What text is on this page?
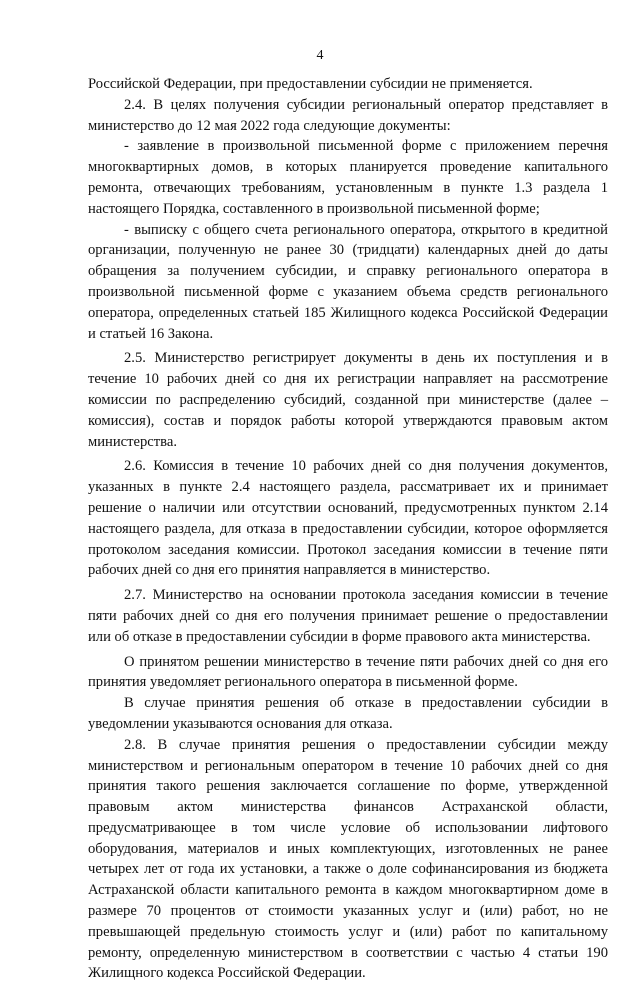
4

Российской Федерации, при предоставлении субсидии не применяется.

2.4. В целях получения субсидии региональный оператор представляет в министерство до 12 мая 2022 года следующие документы:

- заявление в произвольной письменной форме с приложением перечня многоквартирных домов, в которых планируется проведение капитального ремонта, отвечающих требованиям, установленным в пункте 1.3 раздела 1 настоящего Порядка, составленного в произвольной письменной форме;

- выписку с общего счета регионального оператора, открытого в кредитной организации, полученную не ранее 30 (тридцати) календарных дней до даты обращения за получением субсидии, и справку регионального оператора в произвольной письменной форме с указанием объема средств регионального оператора, определенных статьей 185 Жилищного кодекса Российской Федерации и статьей 16 Закона.

2.5. Министерство регистрирует документы в день их поступления и в течение 10 рабочих дней со дня их регистрации направляет на рассмотрение комиссии по распределению субсидий, созданной при министерстве (далее – комиссия), состав и порядок работы которой утверждаются правовым актом министерства.

2.6. Комиссия в течение 10 рабочих дней со дня получения документов, указанных в пункте 2.4 настоящего раздела, рассматривает их и принимает решение о наличии или отсутствии оснований, предусмотренных пунктом 2.14 настоящего раздела, для отказа в предоставлении субсидии, которое оформляется протоколом заседания комиссии. Протокол заседания комиссии в течение пяти рабочих дней со дня его принятия направляется в министерство.

2.7. Министерство на основании протокола заседания комиссии в течение пяти рабочих дней со дня его получения принимает решение о предоставлении или об отказе в предоставлении субсидии в форме правового акта министерства.

О принятом решении министерство в течение пяти рабочих дней со дня его принятия уведомляет регионального оператора в письменной форме.

В случае принятия решения об отказе в предоставлении субсидии в уведомлении указываются основания для отказа.

2.8. В случае принятия решения о предоставлении субсидии между министерством и региональным оператором в течение 10 рабочих дней со дня принятия такого решения заключается соглашение по форме, утвержденной правовым актом министерства финансов Астраханской области, предусматривающее в том числе условие об использовании лифтового оборудования, материалов и иных комплектующих, изготовленных не ранее четырех лет от года их установки, а также о доле софинансирования из бюджета Астраханской области капитального ремонта в каждом многоквартирном доме в размере 70 процентов от стоимости указанных услуг и (или) работ, но не превышающей предельную стоимость услуг и (или) работ по капитальному ремонту, определенную министерством в соответствии с частью 4 статьи 190 Жилищного кодекса Российской Федерации.
